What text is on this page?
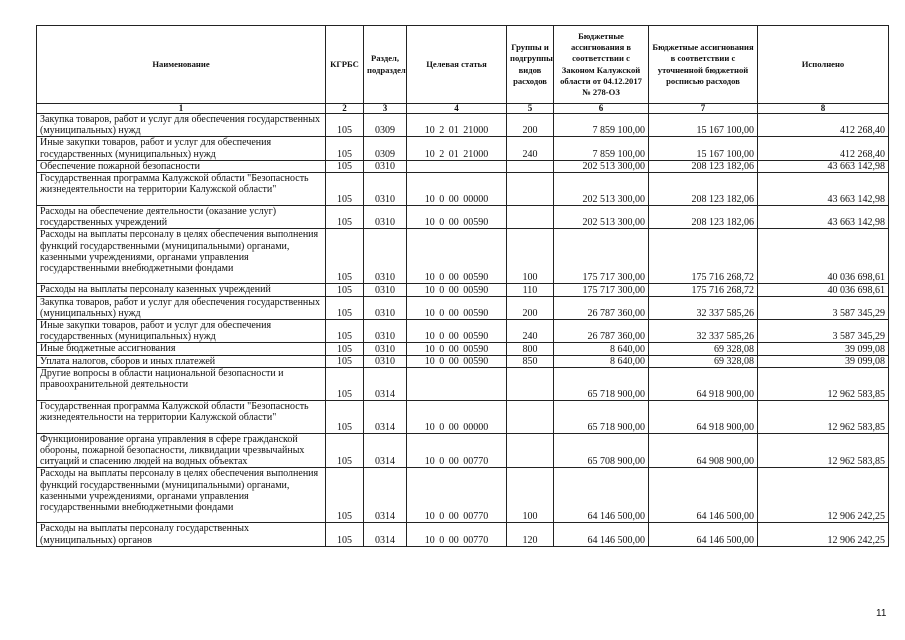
Наименование	КГРБС	Раздел, подраздел	Целевая статья	Группы и подгруппы видов расходов	Бюджетные ассигнования в соответствии с Законом Калужской области от 04.12.2017 № 278-ОЗ	Бюджетные ассигнования в соответствии с уточненной бюджетной росписью расходов	Исполнено
1	2	3	4	5	6	7	8
Закупка товаров, работ и услуг для обеспечения государственных (муниципальных) нужд	105	0309	10 2 01 21000	200	7 859 100,00	15 167 100,00	412 268,40
Иные закупки товаров, работ и услуг для обеспечения государственных (муниципальных) нужд	105	0309	10 2 01 21000	240	7 859 100,00	15 167 100,00	412 268,40
Обеспечение пожарной безопасности	105	0310			202 513 300,00	208 123 182,06	43 663 142,98
Государственная программа Калужской области "Безопасность жизнедеятельности на территории Калужской области"	105	0310	10 0 00 00000		202 513 300,00	208 123 182,06	43 663 142,98
Расходы на обеспечение деятельности (оказание услуг) государственных учреждений	105	0310	10 0 00 00590		202 513 300,00	208 123 182,06	43 663 142,98
Расходы на выплаты персоналу в целях обеспечения выполнения функций государственными (муниципальными) органами, казенными учреждениями, органами управления государственными внебюджетными фондами	105	0310	10 0 00 00590	100	175 717 300,00	175 716 268,72	40 036 698,61
Расходы на выплаты персоналу казенных учреждений	105	0310	10 0 00 00590	110	175 717 300,00	175 716 268,72	40 036 698,61
Закупка товаров, работ и услуг для обеспечения государственных (муниципальных) нужд	105	0310	10 0 00 00590	200	26 787 360,00	32 337 585,26	3 587 345,29
Иные закупки товаров, работ и услуг для обеспечения государственных (муниципальных) нужд	105	0310	10 0 00 00590	240	26 787 360,00	32 337 585,26	3 587 345,29
Иные бюджетные ассигнования	105	0310	10 0 00 00590	800	8 640,00	69 328,08	39 099,08
Уплата налогов, сборов и иных платежей	105	0310	10 0 00 00590	850	8 640,00	69 328,08	39 099,08
Другие вопросы в области национальной безопасности и правоохранительной деятельности	105	0314			65 718 900,00	64 918 900,00	12 962 583,85
Государственная программа Калужской области "Безопасность жизнедеятельности на территории Калужской области"	105	0314	10 0 00 00000		65 718 900,00	64 918 900,00	12 962 583,85
Функционирование органа управления в сфере гражданской обороны, пожарной безопасности, ликвидации чрезвычайных ситуаций и спасению людей на водных объектах	105	0314	10 0 00 00770		65 708 900,00	64 908 900,00	12 962 583,85
Расходы на выплаты персоналу в целях обеспечения выполнения функций государственными (муниципальными) органами, казенными учреждениями, органами управления государственными внебюджетными фондами	105	0314	10 0 00 00770	100	64 146 500,00	64 146 500,00	12 906 242,25
Расходы на выплаты персоналу государственных (муниципальных) органов	105	0314	10 0 00 00770	120	64 146 500,00	64 146 500,00	12 906 242,25
11
